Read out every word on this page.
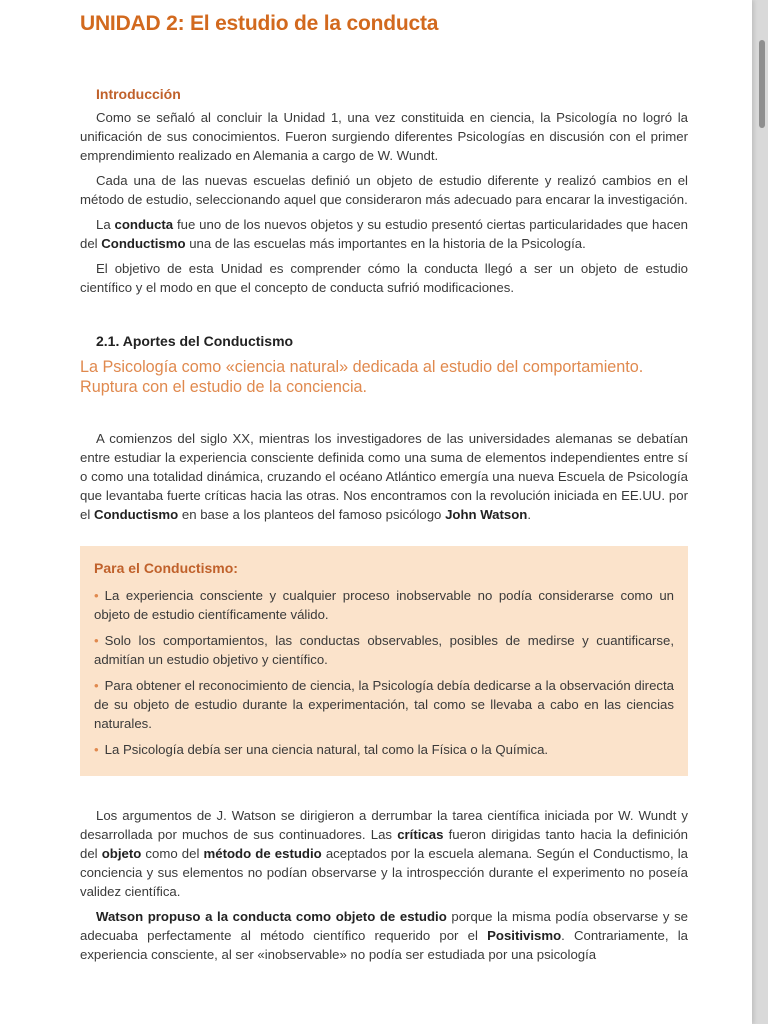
UNIDAD 2: El estudio de la conducta
Introducción

Como se señaló al concluir la Unidad 1, una vez constituida en ciencia, la Psicología no logró la unificación de sus conocimientos. Fueron surgiendo diferentes Psicologías en discusión con el primer emprendimiento realizado en Alemania a cargo de W. Wundt.

Cada una de las nuevas escuelas definió un objeto de estudio diferente y realizó cambios en el método de estudio, seleccionando aquel que consideraron más adecuado para encarar la investigación.

La conducta fue uno de los nuevos objetos y su estudio presentó ciertas particularidades que hacen del Conductismo una de las escuelas más importantes en la historia de la Psicología.

El objetivo de esta Unidad es comprender cómo la conducta llegó a ser un objeto de estudio científico y el modo en que el concepto de conducta sufrió modificaciones.

2.1. Aportes del Conductismo
La Psicología como «ciencia natural» dedicada al estudio del comportamiento. Ruptura con el estudio de la conciencia.

A comienzos del siglo XX, mientras los investigadores de las universidades alemanas se debatían entre estudiar la experiencia consciente definida como una suma de elementos independientes entre sí o como una totalidad dinámica, cruzando el océano Atlántico emergía una nueva Escuela de Psicología que levantaba fuerte críticas hacia las otras. Nos encontramos con la revolución iniciada en EE.UU. por el Conductismo en base a los planteos del famoso psicólogo John Watson.

Para el Conductismo:
• La experiencia consciente y cualquier proceso inobservable no podía considerarse como un objeto de estudio científicamente válido.
• Solo los comportamientos, las conductas observables, posibles de medirse y cuantificarse, admitían un estudio objetivo y científico.
• Para obtener el reconocimiento de ciencia, la Psicología debía dedicarse a la observación directa de su objeto de estudio durante la experimentación, tal como se llevaba a cabo en las ciencias naturales.
• La Psicología debía ser una ciencia natural, tal como la Física o la Química.

Los argumentos de J. Watson se dirigieron a derrumbar la tarea científica iniciada por W. Wundt y desarrollada por muchos de sus continuadores. Las críticas fueron dirigidas tanto hacia la definición del objeto como del método de estudio aceptados por la escuela alemana. Según el Conductismo, la conciencia y sus elementos no podían observarse y la introspección durante el experimento no poseía validez científica.

Watson propuso a la conducta como objeto de estudio porque la misma podía observarse y se adecuaba perfectamente al método científico requerido por el Positivismo. Contrariamente, la experiencia consciente, al ser «inobservable» no podía ser estudiada por una psicología
